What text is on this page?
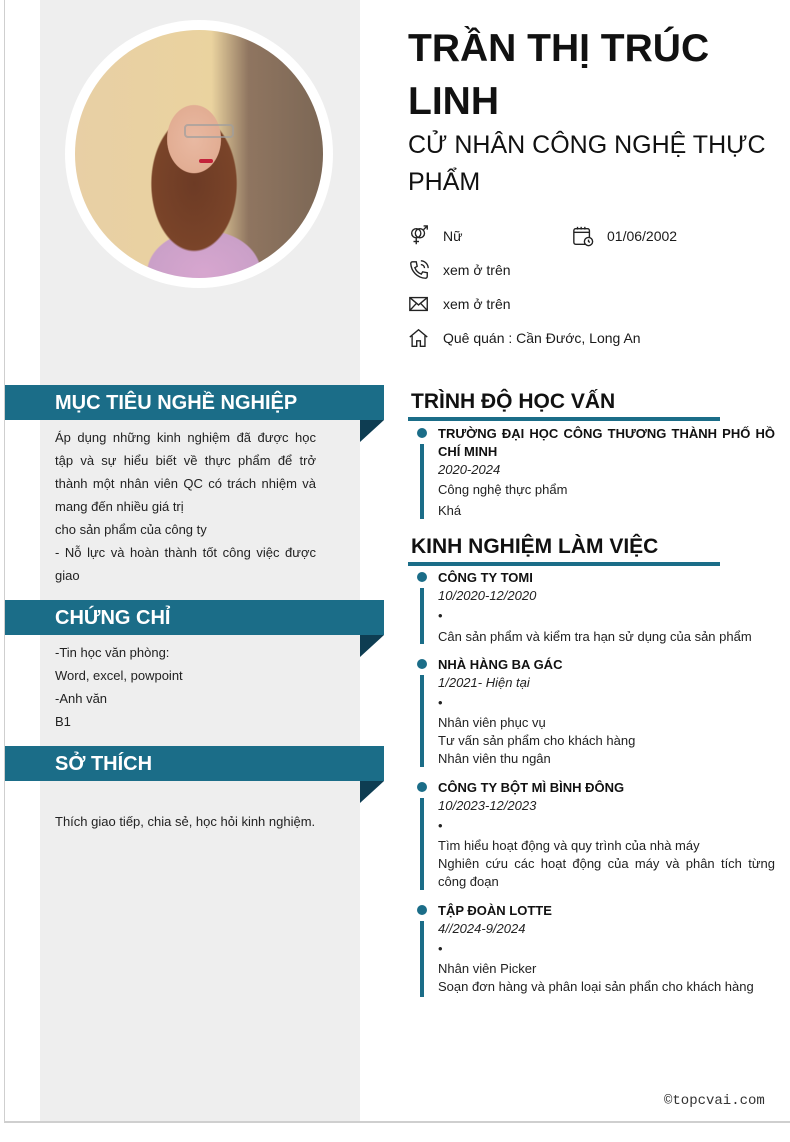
TRẦN THỊ TRÚC LINH
CỬ NHÂN CÔNG NGHỆ THỰC PHẨM
Nữ	01/06/2002
xem ở trên
xem ở trên
Quê quán : Cần Đước, Long An
MỤC TIÊU NGHỀ NGHIỆP

Áp dụng những kinh nghiệm đã được học tập và sự hiểu biết về thực phẩm để trở thành một nhân viên QC có trách nhiệm và mang đến nhiều giá trị

cho sản phẩm của công ty

- Nỗ lực và hoàn thành tốt công việc được giao

CHỨNG CHỈ

-Tin học văn phòng:

Word, excel, powpoint

-Anh văn

B1

SỞ THÍCH

Thích giao tiếp, chia sẻ, học hỏi kinh nghiệm.

TRÌNH ĐỘ HỌC VẤN
TRƯỜNG ĐẠI HỌC CÔNG THƯƠNG THÀNH PHỐ HỒ CHÍ MINH
2020-2024
Công nghệ thực phẩm
Khá
KINH NGHIỆM LÀM VIỆC
CÔNG TY TOMI
10/2020-12/2020
•
Cân sản phẩm và kiểm tra hạn sử dụng của sản phẩm
NHÀ HÀNG BA GÁC
1/2021- Hiện tại
•
Nhân viên phục vụ
Tư vấn sản phẩm cho khách hàng
Nhân viên thu ngân
CÔNG TY BỘT MÌ BÌNH ĐÔNG
10/2023-12/2023
•
Tìm hiểu hoạt động và quy trình của nhà máy
Nghiên cứu các hoạt động của máy và phân tích từng công đoạn
TẬP ĐOÀN LOTTE
4//2024-9/2024
•
Nhân viên Picker
Soạn đơn hàng và phân loại sản phẩn cho khách hàng
©topcvai.com
